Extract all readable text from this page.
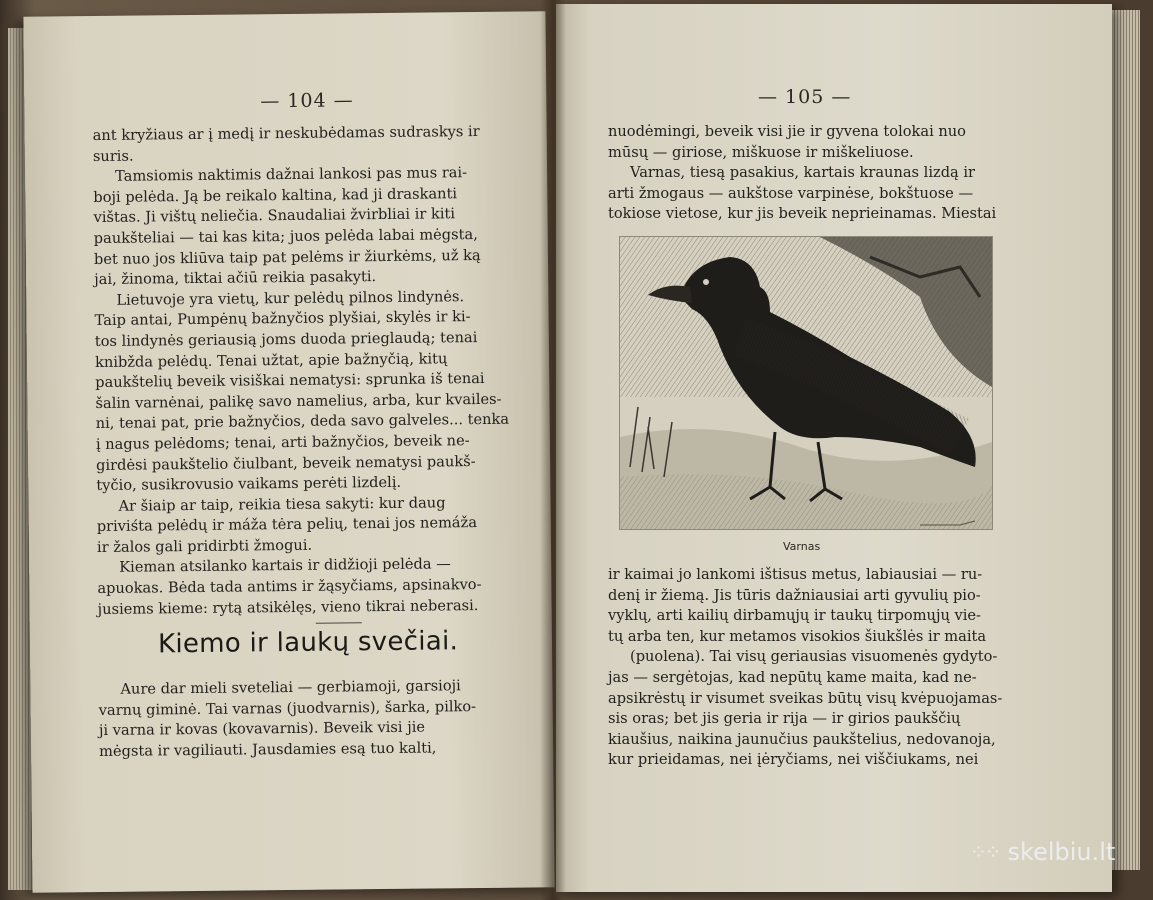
— 104 —
ant kryžiaus ar į medį ir neskubėdamas sudraskys ir
suris.
Tamsiomis naktimis dažnai lankosi pas mus rai-
boji pelėda. Ją be reikalo kaltina, kad ji draskanti
vištas. Ji vištų neliečia. Snaudaliai žvirbliai ir kiti
paukšteliai — tai kas kita; juos pelėda labai mėgsta,
bet nuo jos kliūva taip pat pelėms ir žiurkėms, už ką
jai, žinoma, tiktai ačiū reikia pasakyti.
Lietuvoje yra vietų, kur pelėdų pilnos lindynės.
Taip antai, Pumpėnų bažnyčios plyšiai, skylės ir ki-
tos lindynės geriausią joms duoda prieglaudą; tenai
knibžda pelėdų. Tenai užtat, apie bažnyčią, kitų
paukštelių beveik visiškai nematysi: sprunka iš tenai
šalin varnėnai, palikę savo namelius, arba, kur kvailes-
ni, tenai pat, prie bažnyčios, deda savo galveles... tenka
į nagus pelėdoms; tenai, arti bažnyčios, beveik ne-
girdėsi paukštelio čiulbant, beveik nematysi paukš-
tyčio, susikrovusio vaikams perėti lizdelį.
Ar šiaip ar taip, reikia tiesa sakyti: kur daug
priviśta pelėdų ir máža tėra pelių, tenai jos nemáža
ir žalos gali pridirbti žmogui.
Kieman atsilanko kartais ir didžioji pelėda —
apuokas. Bėda tada antims ir žąsyčiams, apsinakvo-
jusiems kieme: rytą atsikėlęs, vieno tikrai neberasi.
Kiemo ir laukų svečiai.
Aure dar mieli sveteliai — gerbiamoji, garsioji
varnų giminė. Tai varnas (juodvarnis), šarka, pilko-
ji varna ir kovas (kovavarnis). Beveik visi jie
mėgsta ir vagiliauti. Jausdamies esą tuo kalti,
— 105 —
nuodėmingi, beveik visi jie ir gyvena tolokai nuo
mūsų — giriose, miškuose ir miškeliuose.
Varnas, tiesą pasakius, kartais kraunas lizdą ir
arti žmogaus — aukštose varpinėse, bokštuose —
tokiose vietose, kur jis beveik neprieinamas. Miestai
Varnas
ir kaimai jo lankomi ištisus metus, labiausiai — ru-
denį ir žiemą. Jis tūris dažniausiai arti gyvulių pio-
vyklų, arti kailių dirbamųjų ir taukų tirpomųjų vie-
tų arba ten, kur metamos visokios šiukšlės ir maita
(puolena). Tai visų geriausias visuomenės gydyto-
jas — sergėtojas, kad nepūtų kame maita, kad ne-
apsikrėstų ir visumet sveikas būtų visų kvėpuojamas-
sis oras; bet jis geria ir rija — ir girios paukščių
kiaušius, naikina jaunučius paukštelius, nedovanoja,
kur prieidamas, nei įėryčiams, nei viščiukams, nei
⁘⁘ skelbiu.lt
